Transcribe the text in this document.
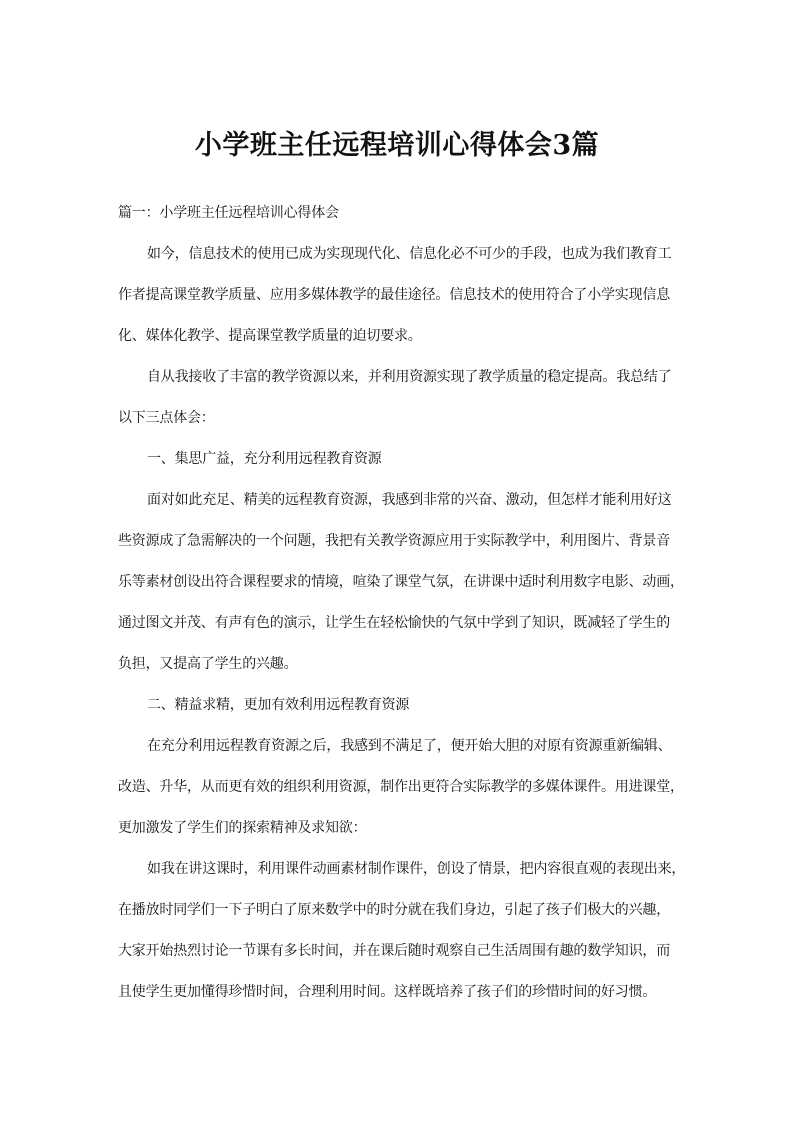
小学班主任远程培训心得体会3篇
篇一：小学班主任远程培训心得体会
如今，信息技术的使用已成为实现现代化、信息化必不可少的手段，也成为我们教育工
作者提高课堂教学质量、应用多媒体教学的最佳途径。信息技术的使用符合了小学实现信息
化、媒体化教学、提高课堂教学质量的迫切要求。
自从我接收了丰富的教学资源以来，并利用资源实现了教学质量的稳定提高。我总结了
以下三点体会：
一、集思广益，充分利用远程教育资源
面对如此充足、精美的远程教育资源，我感到非常的兴奋、激动，但怎样才能利用好这
些资源成了急需解决的一个问题，我把有关教学资源应用于实际教学中，利用图片、背景音
乐等素材创设出符合课程要求的情境，喧染了课堂气氛，在讲课中适时利用数字电影、动画，
通过图文并茂、有声有色的演示，让学生在轻松愉快的气氛中学到了知识，既减轻了学生的
负担，又提高了学生的兴趣。
二、精益求精，更加有效利用远程教育资源
在充分利用远程教育资源之后，我感到不满足了，便开始大胆的对原有资源重新编辑、
改造、升华，从而更有效的组织利用资源，制作出更符合实际教学的多媒体课件。用进课堂，
更加激发了学生们的探索精神及求知欲：
如我在讲这课时，利用课件动画素材制作课件，创设了情景，把内容很直观的表现出来，
在播放时同学们一下子明白了原来数学中的时分就在我们身边，引起了孩子们极大的兴趣，
大家开始热烈讨论一节课有多长时间，并在课后随时观察自己生活周围有趣的数学知识，而
且使学生更加懂得珍惜时间，合理利用时间。这样既培养了孩子们的珍惜时间的好习惯。
